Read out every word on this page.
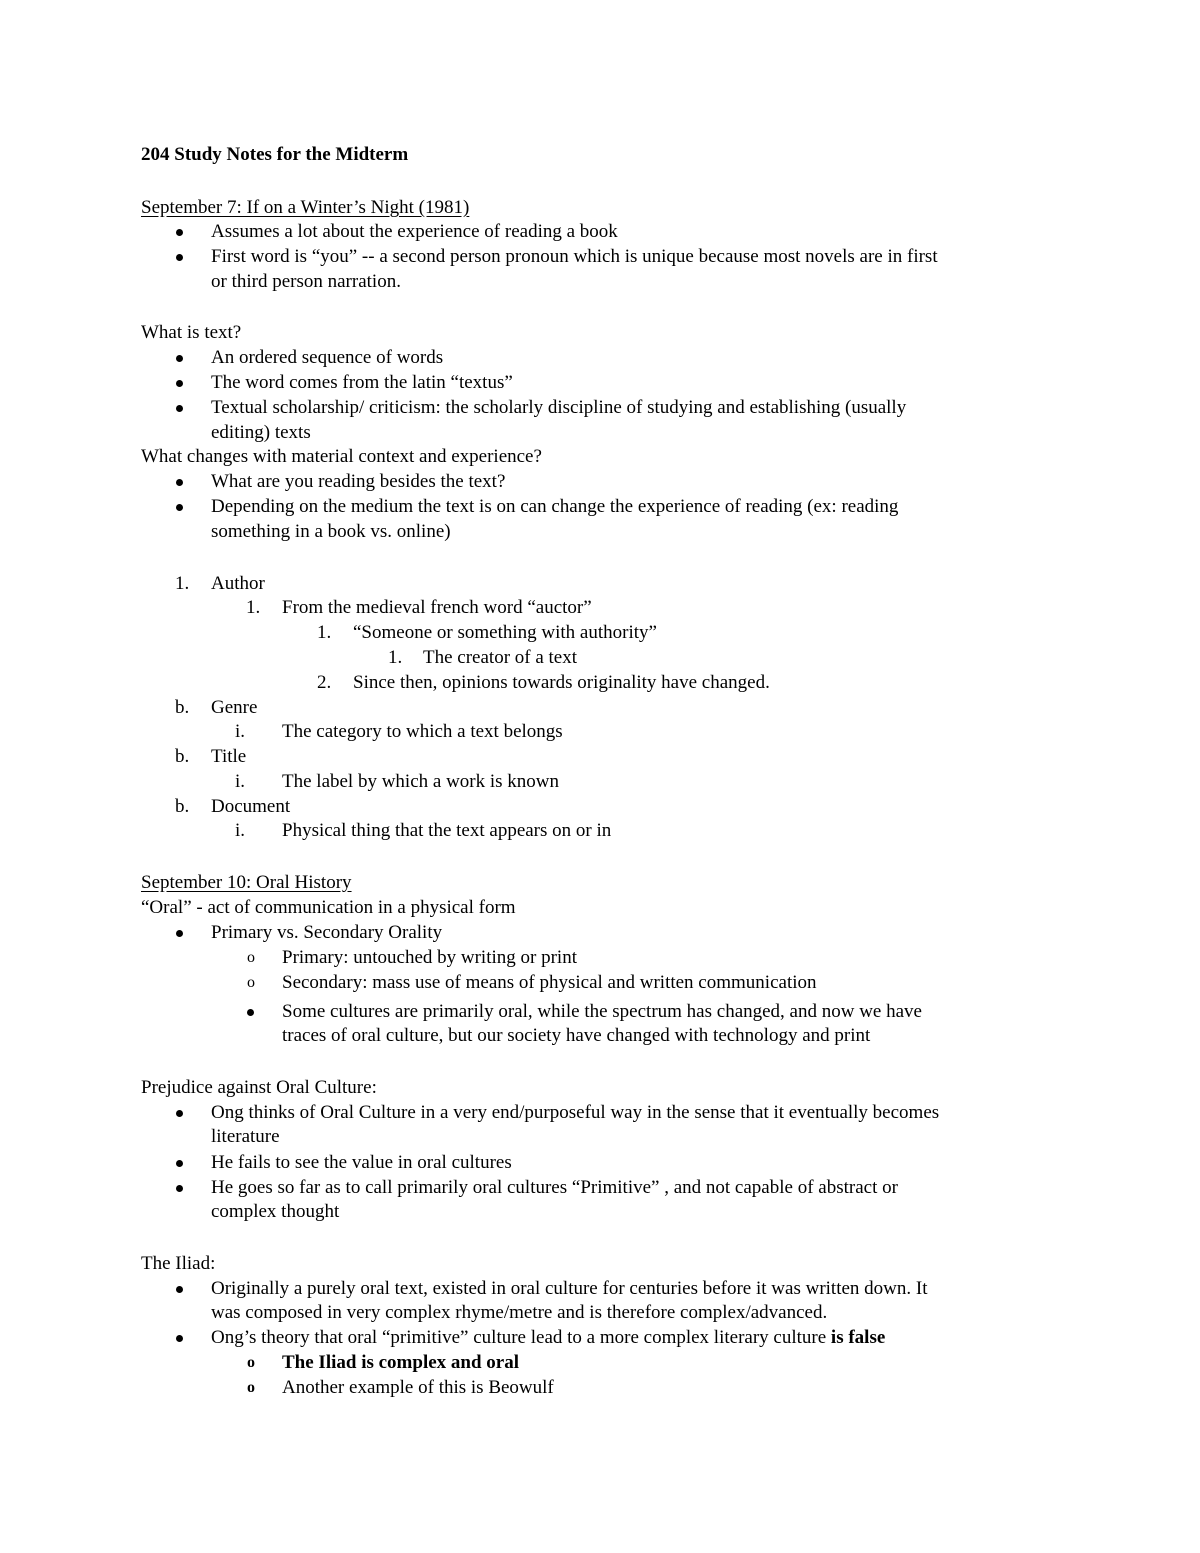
204 Study Notes for the Midterm
September 7: If on a Winter’s Night (1981)
Assumes a lot about the experience of reading a book
First word is “you” -- a second person pronoun which is unique because most novels are in first
or third person narration.
What is text?
An ordered sequence of words
The word comes from the latin “textus”
Textual scholarship/ criticism: the scholarly discipline of studying and establishing (usually
editing) texts
What changes with material context and experience?
What are you reading besides the text?
Depending on the medium the text is on can change the experience of reading (ex: reading
something in a book vs. online)
1. Author
1. From the medieval french word “auctor”
1. “Someone or something with authority”
1. The creator of a text
2. Since then, opinions towards originality have changed.
b. Genre
i. The category to which a text belongs
b. Title
i. The label by which a work is known
b. Document
i. Physical thing that the text appears on or in
September 10: Oral History
“Oral” - act of communication in a physical form
Primary vs. Secondary Orality
o Primary: untouched by writing or print
o Secondary: mass use of means of physical and written communication
Some cultures are primarily oral, while the spectrum has changed, and now we have
traces of oral culture, but our society have changed with technology and print
Prejudice against Oral Culture:
Ong thinks of Oral Culture in a very end/purposeful way in the sense that it eventually becomes
literature
He fails to see the value in oral cultures
He goes so far as to call primarily oral cultures “Primitive” , and not capable of abstract or
complex thought
The Iliad:
Originally a purely oral text, existed in oral culture for centuries before it was written down. It
was composed in very complex rhyme/metre and is therefore complex/advanced.
Ong’s theory that oral “primitive” culture lead to a more complex literary culture is false
o The Iliad is complex and oral
o Another example of this is Beowulf
